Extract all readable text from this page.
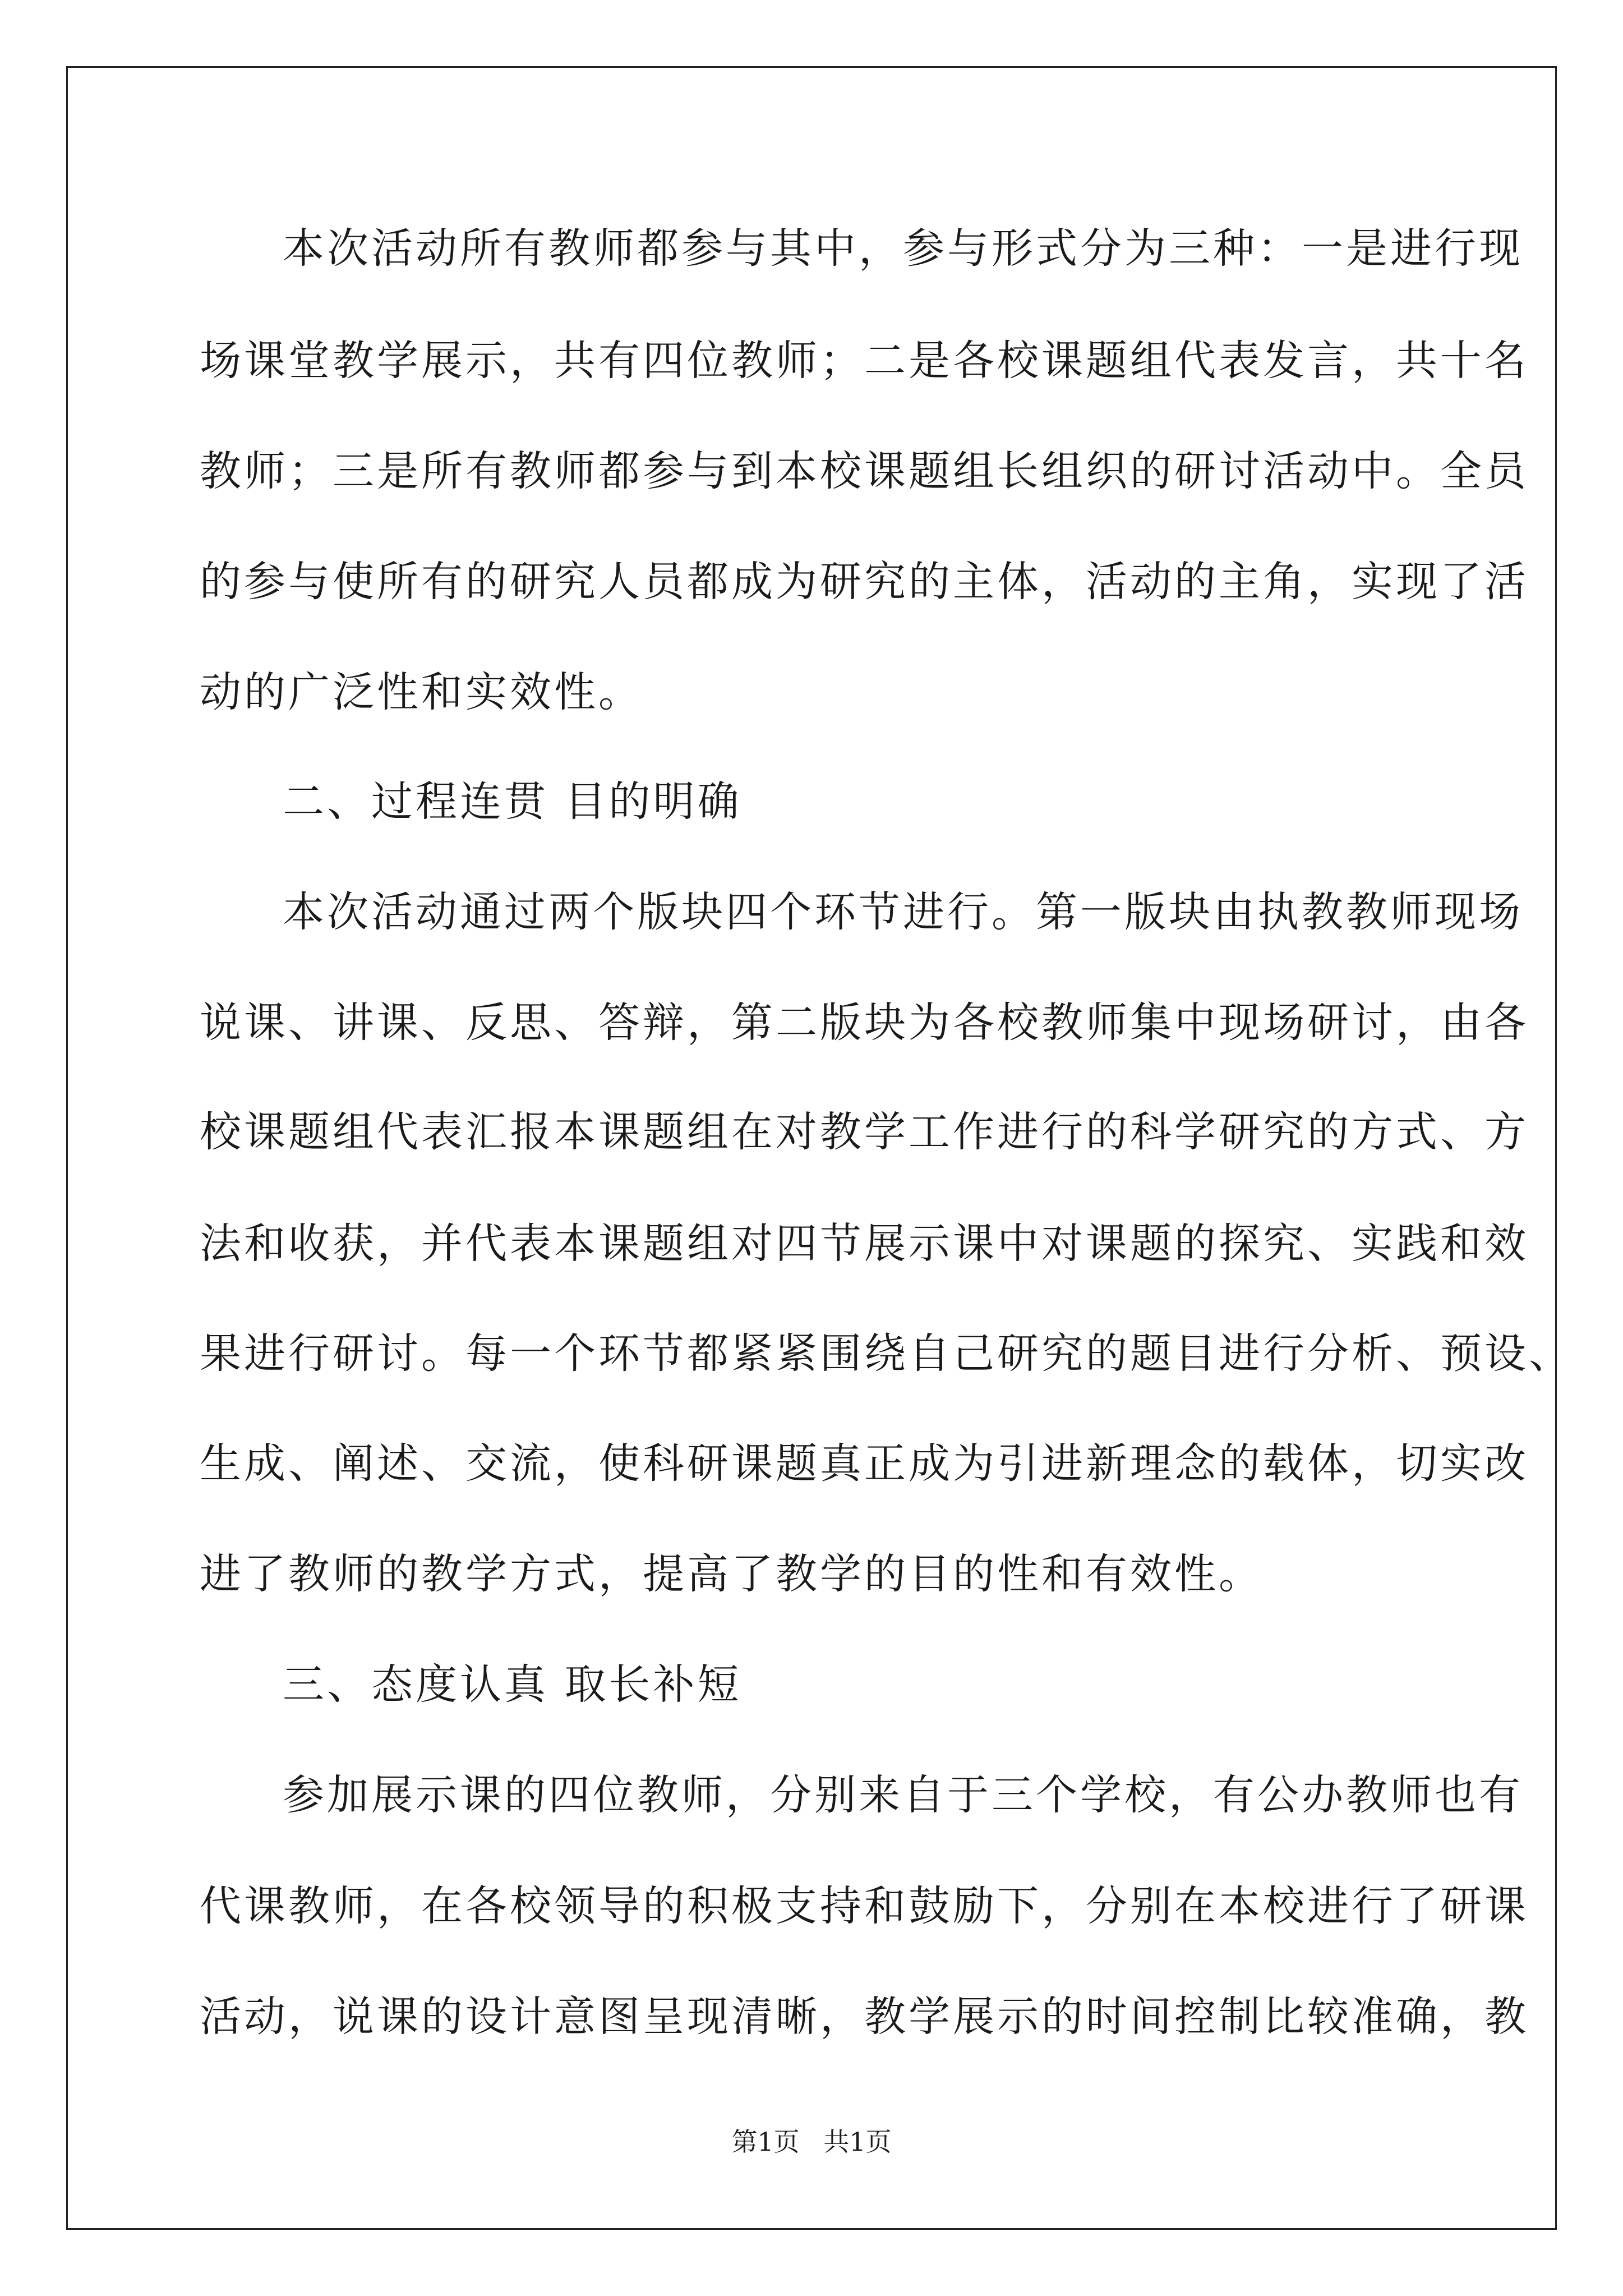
本次活动所有教师都参与其中，参与形式分为三种：一是进行现

场课堂教学展示，共有四位教师；二是各校课题组代表发言，共十名

教师；三是所有教师都参与到本校课题组长组织的研讨活动中。全员

的参与使所有的研究人员都成为研究的主体，活动的主角，实现了活

动的广泛性和实效性。

二、过程连贯 目的明确

本次活动通过两个版块四个环节进行。第一版块由执教教师现场

说课、讲课、反思、答辩，第二版块为各校教师集中现场研讨，由各

校课题组代表汇报本课题组在对教学工作进行的科学研究的方式、方

法和收获，并代表本课题组对四节展示课中对课题的探究、实践和效

果进行研讨。每一个环节都紧紧围绕自己研究的题目进行分析、预设、

生成、阐述、交流，使科研课题真正成为引进新理念的载体，切实改

进了教师的教学方式，提高了教学的目的性和有效性。

三、态度认真 取长补短

参加展示课的四位教师，分别来自于三个学校，有公办教师也有

代课教师，在各校领导的积极支持和鼓励下，分别在本校进行了研课

活动，说课的设计意图呈现清晰，教学展示的时间控制比较准确，教

第1页 共1页
